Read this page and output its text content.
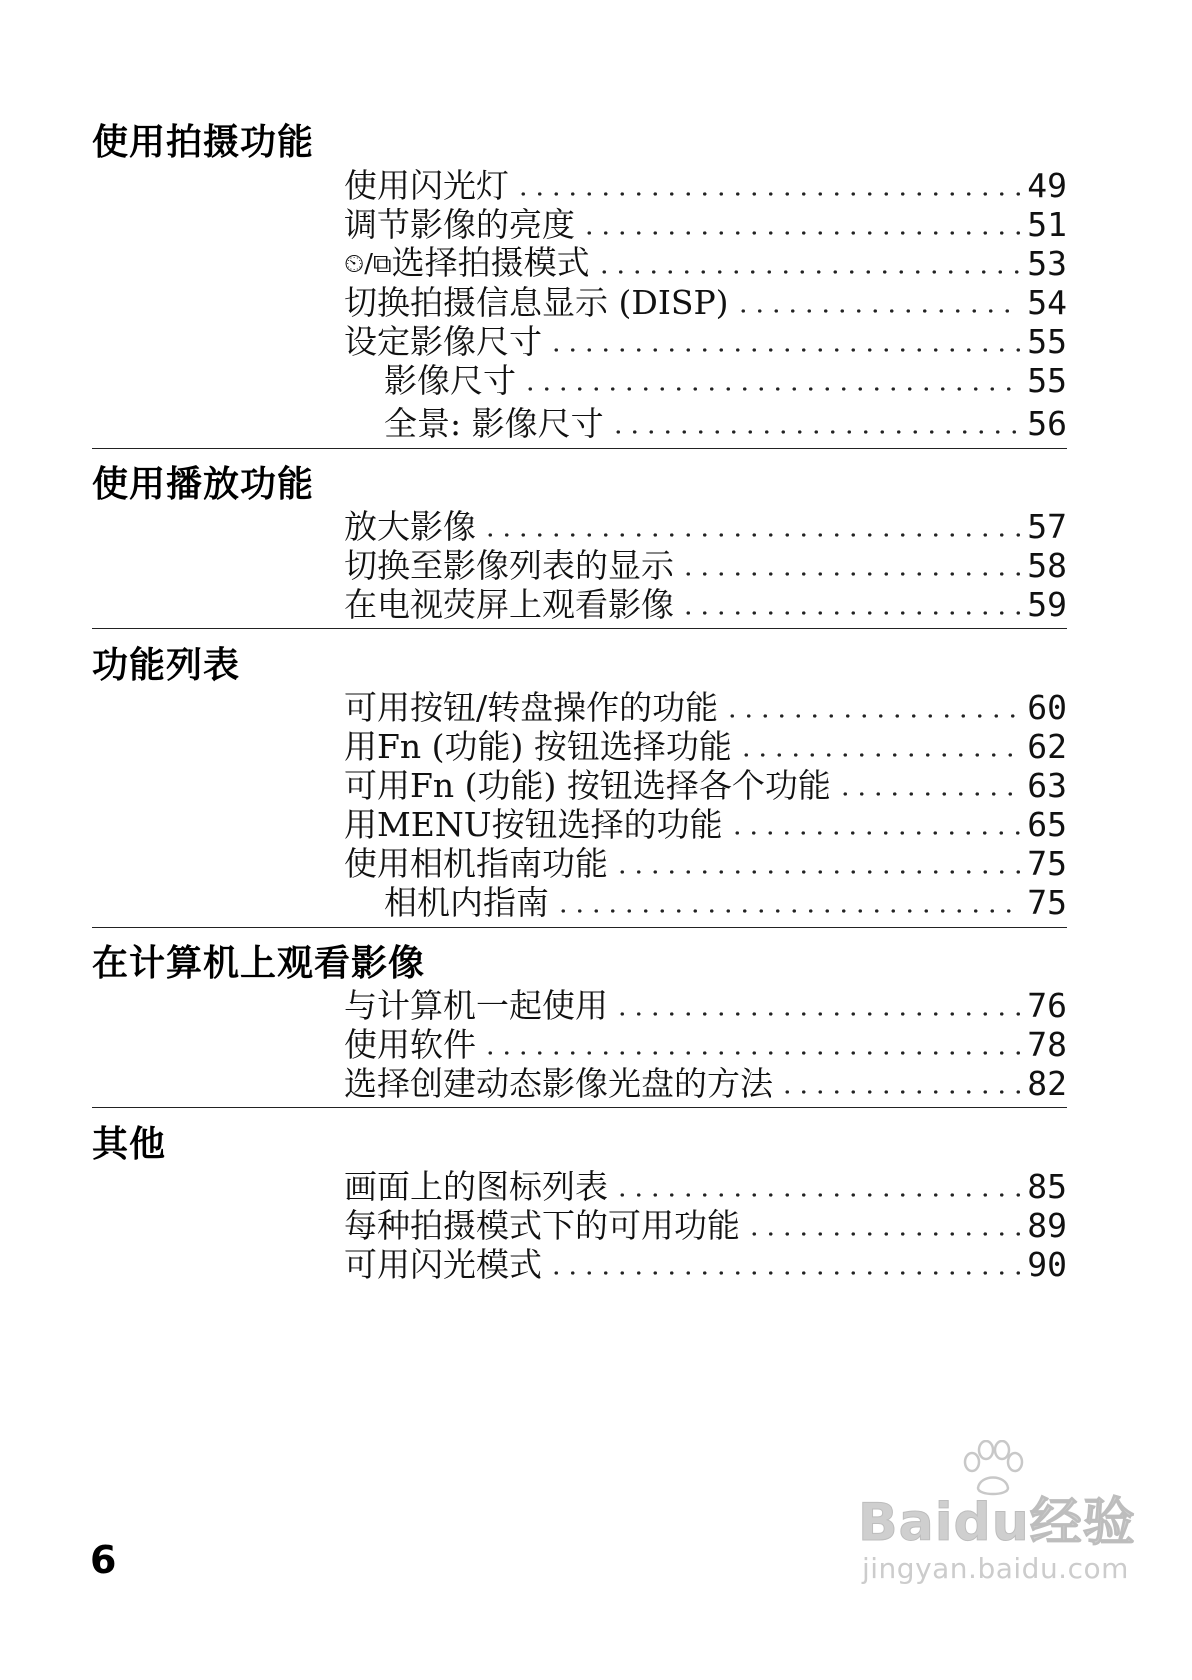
使用拍摄功能
使用闪光灯	49
调节影像的亮度	51
⏲/⧉选择拍摄模式	53
切换拍摄信息显示 (DISP)	54
设定影像尺寸	55
影像尺寸	55
全景: 影像尺寸	56
使用播放功能
放大影像	57
切换至影像列表的显示	58
在电视荧屏上观看影像	59
功能列表
可用按钮/转盘操作的功能	60
用Fn (功能) 按钮选择功能	62
可用Fn (功能) 按钮选择各个功能	63
用MENU按钮选择的功能	65
使用相机指南功能	75
相机内指南	75
在计算机上观看影像
与计算机一起使用	76
使用软件	78
选择创建动态影像光盘的方法	82
其他
画面上的图标列表	85
每种拍摄模式下的可用功能	89
可用闪光模式	90
6
Baidu经验
jingyan.baidu.com
